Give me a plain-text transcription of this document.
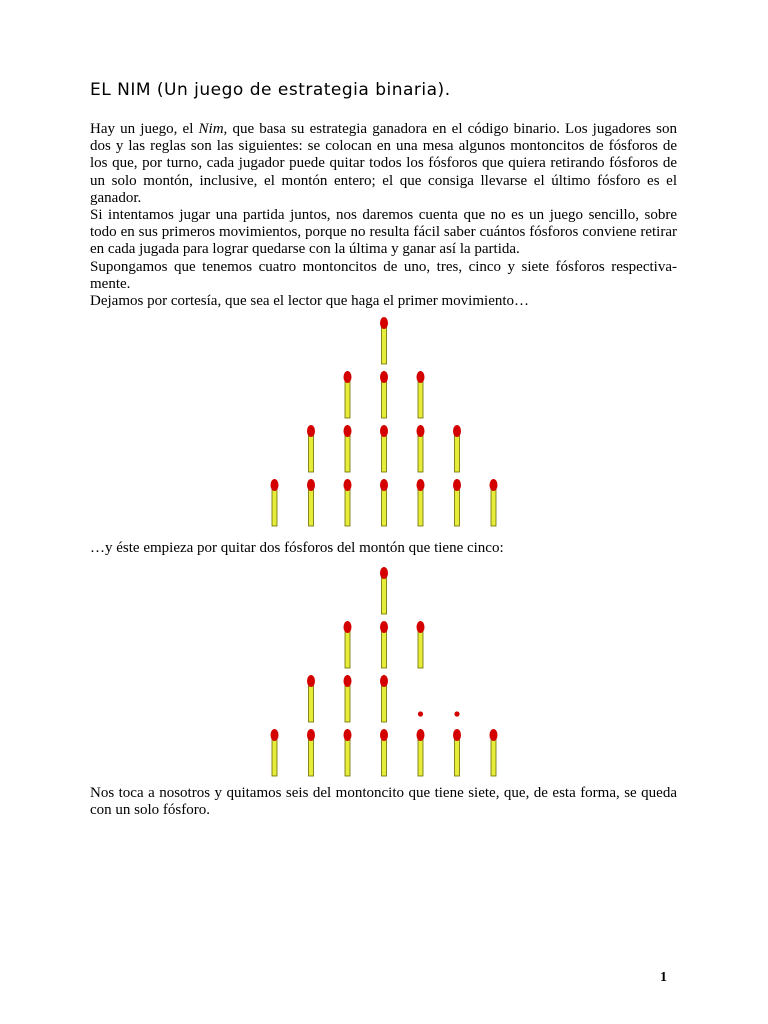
EL NIM (Un juego de estrategia binaria).

Hay un juego, el Nim, que basa su estrategia ganadora en el código binario. Los jugadores son dos y las reglas son las siguientes: se colocan en una mesa algunos montoncitos de fósforos de los que, por turno, cada jugador puede quitar todos los fósforos que quiera retirando fósforos de un solo montón, inclusive, el montón entero; el que consiga llevarse el último fósforo es el ganador.

Si intentamos jugar una partida juntos, nos daremos cuenta que no es un juego sencillo, sobre todo en sus primeros movimientos, porque no resulta fácil saber cuántos fósforos conviene retirar en cada jugada para lograr quedarse con la última y ganar así la partida.

Supongamos que tenemos cuatro montoncitos de uno, tres, cinco y siete fósforos respectiva-mente.

Dejamos por cortesía, que sea el lector que haga el primer movimiento…

…y éste empieza por quitar dos fósforos del montón que tiene cinco:

Nos toca a nosotros y quitamos seis del montoncito que tiene siete, que, de esta forma, se queda con un solo fósforo.

1
